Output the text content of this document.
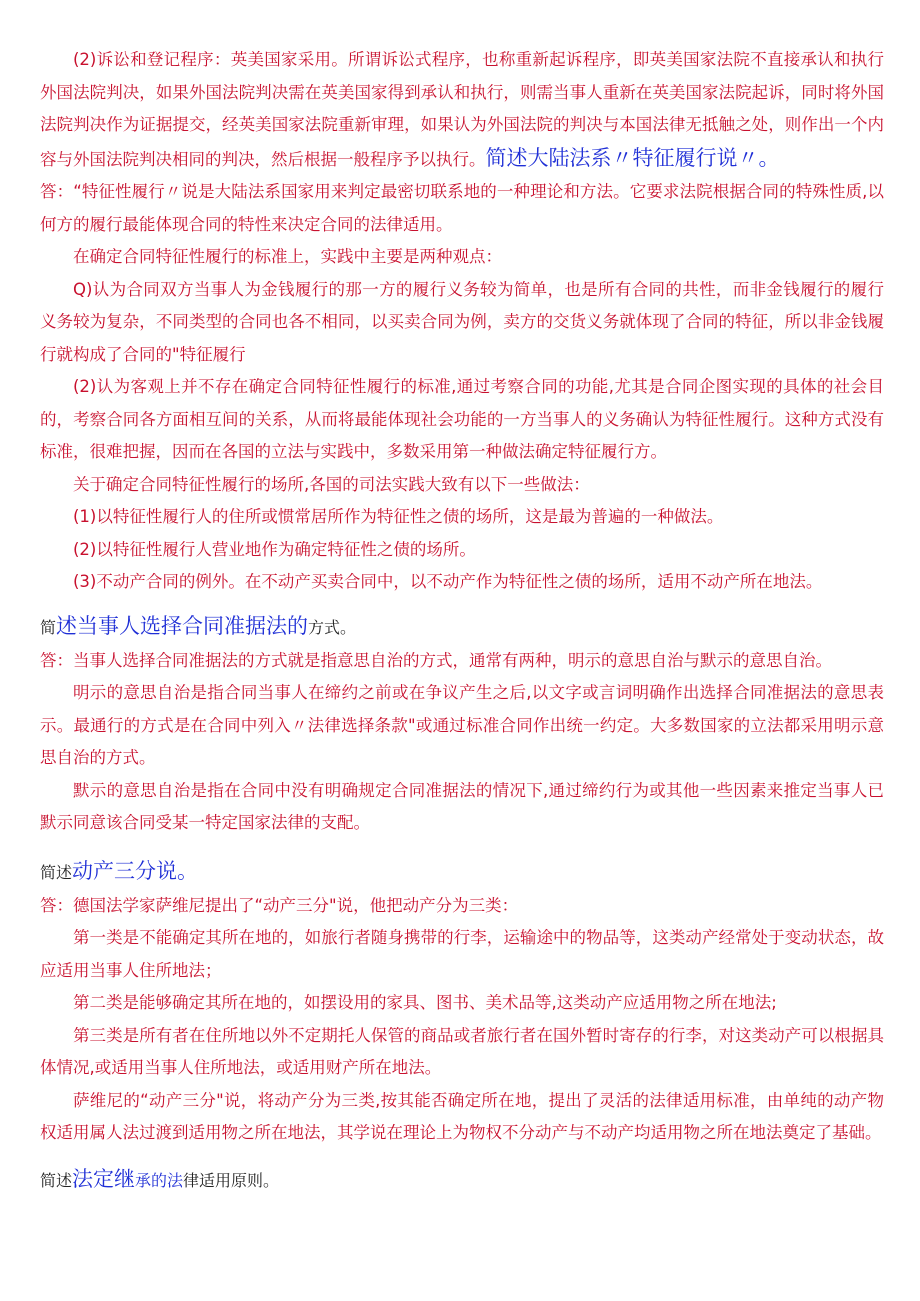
(2)诉讼和登记程序：英美国家采用。所谓诉讼式程序，也称重新起诉程序，即英美国家法院不直接承认和执行外国法院判决，如果外国法院判决需在英美国家得到承认和执行，则需当事人重新在英美国家法院起诉，同时将外国法院判决作为证据提交，经英美国家法院重新审理，如果认为外国法院的判决与本国法律无抵触之处，则作出一个内容与外国法院判决相同的判决，然后根据一般程序予以执行。简述大陆法系〃特征履行说〃。

答：“特征性履行〃说是大陆法系国家用来判定最密切联系地的一种理论和方法。它要求法院根据合同的特殊性质,以何方的履行最能体现合同的特性来决定合同的法律适用。

在确定合同特征性履行的标准上，实践中主要是两种观点：

Q)认为合同双方当事人为金钱履行的那一方的履行义务较为简单，也是所有合同的共性，而非金钱履行的履行义务较为复杂，不同类型的合同也各不相同，以买卖合同为例，卖方的交货义务就体现了合同的特征，所以非金钱履行就构成了合同的"特征履行

(2)认为客观上并不存在确定合同特征性履行的标准,通过考察合同的功能,尤其是合同企图实现的具体的社会目的，考察合同各方面相互间的关系，从而将最能体现社会功能的一方当事人的义务确认为特征性履行。这种方式没有标准，很难把握，因而在各国的立法与实践中，多数采用第一种做法确定特征履行方。

关于确定合同特征性履行的场所,各国的司法实践大致有以下一些做法：

(1)以特征性履行人的住所或惯常居所作为特征性之债的场所，这是最为普遍的一种做法。

(2)以特征性履行人营业地作为确定特征性之债的场所。

(3)不动产合同的例外。在不动产买卖合同中，以不动产作为特征性之债的场所，适用不动产所在地法。

简述当事人选择合同准据法的方式。

答：当事人选择合同准据法的方式就是指意思自治的方式，通常有两种，明示的意思自治与默示的意思自治。

明示的意思自治是指合同当事人在缔约之前或在争议产生之后,以文字或言词明确作出选择合同准据法的意思表示。最通行的方式是在合同中列入〃法律选择条款"或通过标准合同作出统一约定。大多数国家的立法都采用明示意思自治的方式。

默示的意思自治是指在合同中没有明确规定合同准据法的情况下,通过缔约行为或其他一些因素来推定当事人已默示同意该合同受某一特定国家法律的支配。

简述动产三分说。

答：德国法学家萨维尼提出了“动产三分"说，他把动产分为三类：

第一类是不能确定其所在地的，如旅行者随身携带的行李，运输途中的物品等，这类动产经常处于变动状态，故应适用当事人住所地法；

第二类是能够确定其所在地的，如摆设用的家具、图书、美术品等,这类动产应适用物之所在地法;

第三类是所有者在住所地以外不定期托人保管的商品或者旅行者在国外暂时寄存的行李，对这类动产可以根据具体情况,或适用当事人住所地法，或适用财产所在地法。

萨维尼的“动产三分"说，将动产分为三类,按其能否确定所在地，提出了灵活的法律适用标准，由单纯的动产物权适用属人法过渡到适用物之所在地法，其学说在理论上为物权不分动产与不动产均适用物之所在地法奠定了基础。

简述法定继承的法律适用原则。
